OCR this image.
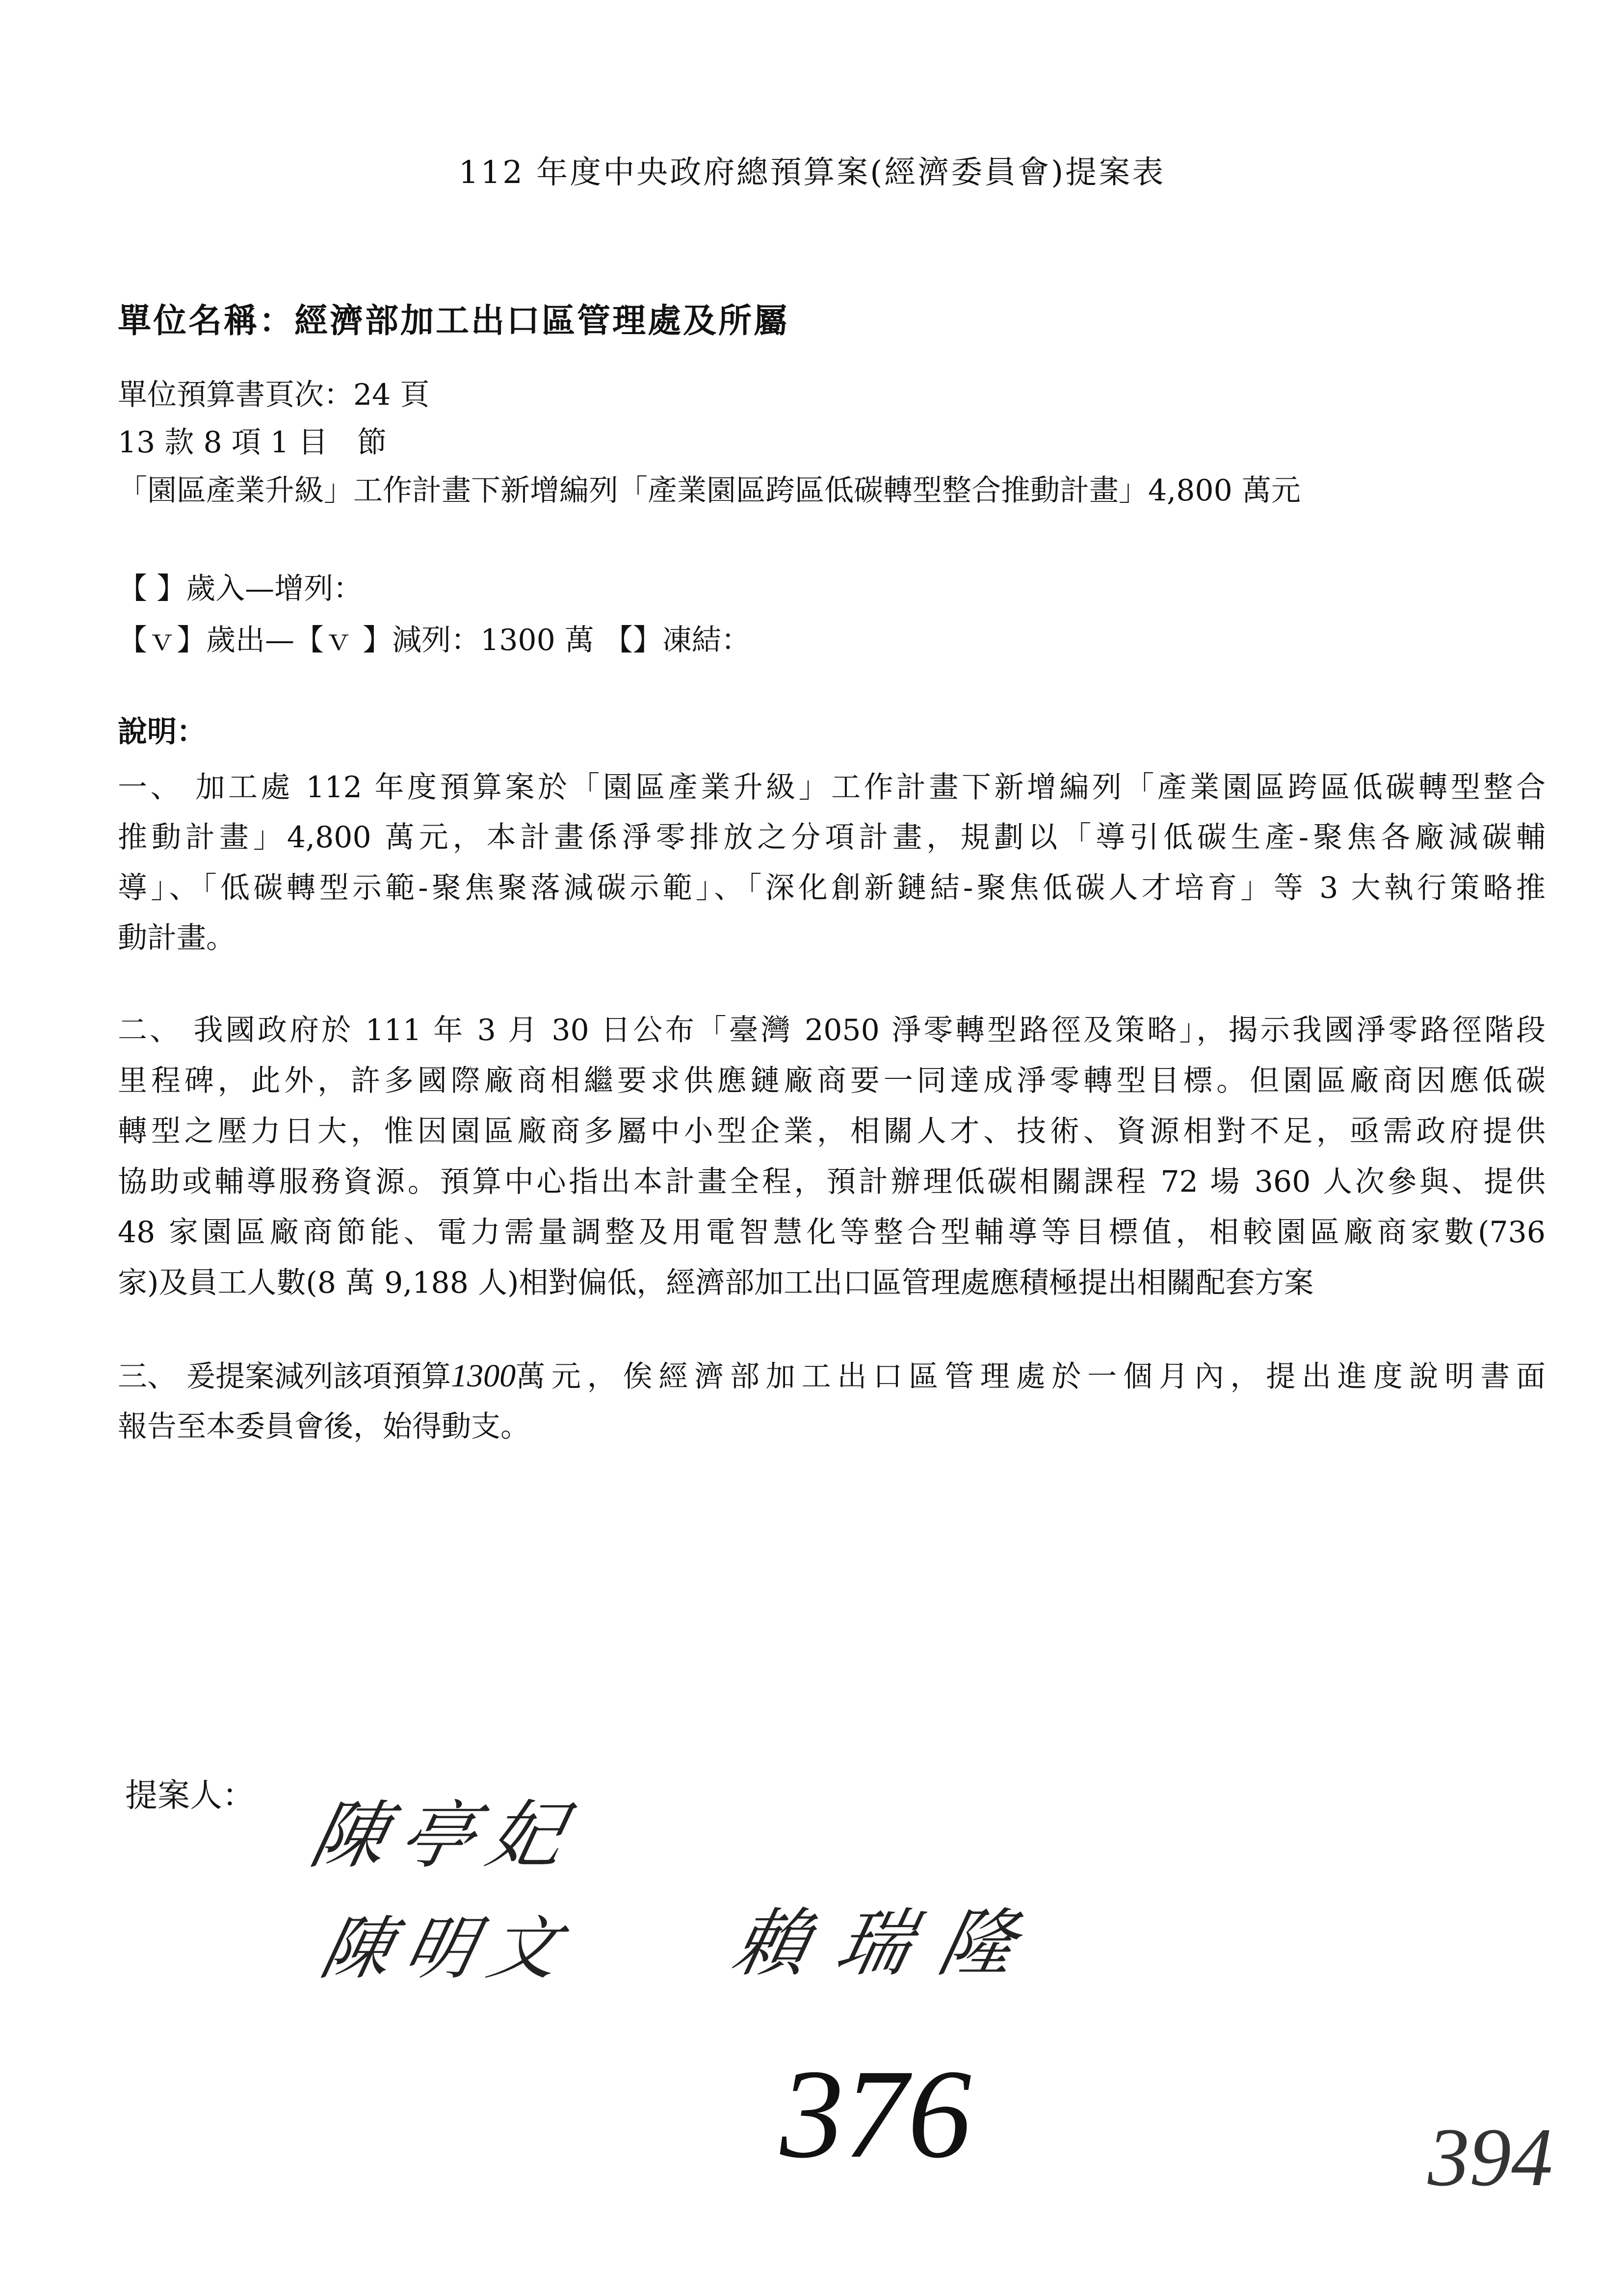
112 年度中央政府總預算案(經濟委員會)提案表
單位名稱：經濟部加工出口區管理處及所屬
單位預算書頁次：24 頁
13 款 8 項 1 目　節
「園區產業升級」工作計畫下新增編列「產業園區跨區低碳轉型整合推動計畫」4,800 萬元
【 】歲入—增列：
【ｖ】歲出—【ｖ 】減列：1300 萬 【】凍結：
說明：
一、 加工處 112 年度預算案於「園區產業升級」工作計畫下新增編列「產業園區跨區低碳轉型整合
推動計畫」4,800 萬元，本計畫係淨零排放之分項計畫，規劃以「導引低碳生產-聚焦各廠減碳輔
導」、「低碳轉型示範-聚焦聚落減碳示範」、「深化創新鏈結-聚焦低碳人才培育」等 3 大執行策略推
動計畫。
二、 我國政府於 111 年 3 月 30 日公布「臺灣 2050 淨零轉型路徑及策略」，揭示我國淨零路徑階段
里程碑，此外，許多國際廠商相繼要求供應鏈廠商要一同達成淨零轉型目標。但園區廠商因應低碳
轉型之壓力日大，惟因園區廠商多屬中小型企業，相關人才、技術、資源相對不足，亟需政府提供
協助或輔導服務資源。預算中心指出本計畫全程，預計辦理低碳相關課程 72 場 360 人次參與、提供
48 家園區廠商節能、電力需量調整及用電智慧化等整合型輔導等目標值，相較園區廠商家數(736
家)及員工人數(8 萬 9,188 人)相對偏低，經濟部加工出口區管理處應積極提出相關配套方案
三、 爰提案減列該項預算 1300 萬元，俟經濟部加工出口區管理處於一個月內，提出進度說明書面
報告至本委員會後，始得動支。
提案人： 陳亭妃
陳明文 賴瑞隆
376	394
